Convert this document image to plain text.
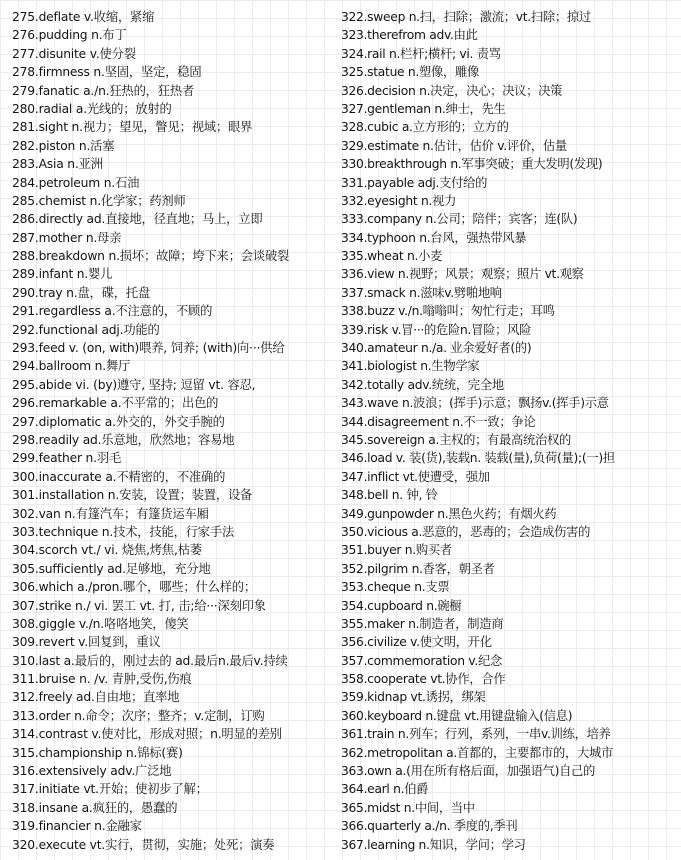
275.deflate v.收缩，紧缩
276.pudding n.布丁
277.disunite v.使分裂
278.firmness n.坚固，坚定，稳固
279.fanatic a./n.狂热的，狂热者
280.radial a.光线的；放射的
281.sight n.视力；望见，瞥见；视域；眼界
282.piston n.活塞
283.Asia n.亚洲
284.petroleum n.石油
285.chemist n.化学家；药剂师
286.directly ad.直接地，径直地；马上，立即
287.mother n.母亲
288.breakdown n.损坏；故障；垮下来；会谈破裂
289.infant n.婴儿
290.tray n.盘，碟，托盘
291.regardless a.不注意的，不顾的
292.functional adj.功能的
293.feed v. (on, with)喂养, 饲养; (with)向···供给
294.ballroom n.舞厅
295.abide vi. (by)遵守, 坚持; 逗留 vt. 容忍,
296.remarkable a.不平常的；出色的
297.diplomatic a.外交的，外交手腕的
298.readily ad.乐意地，欣然地；容易地
299.feather n.羽毛
300.inaccurate a.不精密的，不准确的
301.installation n.安装，设置；装置，设备
302.van n.有篷汽车；有篷货运车厢
303.technique n.技术，技能，行家手法
304.scorch vt./ vi. 烧焦,烤焦,枯萎
305.sufficiently ad.足够地，充分地
306.which a./pron.哪个，哪些；什么样的；
307.strike n./ vi. 罢工 vt. 打, 击;给···深刻印象
308.giggle v./n.咯咯地笑，傻笑
309.revert v.回复到，重议
310.last a.最后的，刚过去的 ad.最后n.最后v.持续
311.bruise n. /v. 青肿,受伤,伤痕
312.freely ad.自由地；直率地
313.order n.命令；次序；整齐；v.定制，订购
314.contrast v.使对比，形成对照；n.明显的差别
315.championship n.锦标(赛)
316.extensively adv.广泛地
317.initiate vt.开始；使初步了解；
318.insane a.疯狂的，愚蠢的
319.financier n.金融家
320.execute vt.实行，贯彻，实施；处死；演奏
322.sweep n.扫，扫除；激流；vt.扫除；掠过
323.therefrom adv.由此
324.rail n.栏杆;横杆; vi. 责骂
325.statue n.塑像，雕像
326.decision n.决定，决心；决议；决策
327.gentleman n.绅士，先生
328.cubic a.立方形的；立方的
329.estimate n.估计，估价 v.评价，估量
330.breakthrough n.军事突破；重大发明(发现)
331.payable adj.支付给的
332.eyesight n.视力
333.company n.公司；陪伴；宾客；连(队)
334.typhoon n.台风，强热带风暴
335.wheat n.小麦
336.view n.视野；风景；观察；照片 vt.观察
337.smack n.滋味v.劈啪地响
338.buzz v./n.嗡嗡叫；匆忙行走；耳鸣
339.risk v.冒···的危险n.冒险；风险
340.amateur n./a. 业余爱好者(的)
341.biologist n.生物学家
342.totally adv.统统，完全地
343.wave n.波浪；(挥手)示意；飘扬v.(挥手)示意
344.disagreement n.不一致；争论
345.sovereign a.主权的；有最高统治权的
346.load v. 装(货),装载n. 装载(量),负荷(量);(一)担
347.inflict vt.使遭受，强加
348.bell n. 钟, 铃
349.gunpowder n.黑色火药；有烟火药
350.vicious a.恶意的，恶毒的；会造成伤害的
351.buyer n.购买者
352.pilgrim n.香客，朝圣者
353.cheque n.支票
354.cupboard n.碗橱
355.maker n.制造者，制造商
356.civilize v.使文明，开化
357.commemoration v.纪念
358.cooperate vt.协作，合作
359.kidnap vt.诱拐，绑架
360.keyboard n.键盘 vt.用键盘输入(信息)
361.train n.列车；行列，系列，一串v.训练，培养
362.metropolitan a.首都的，主要都市的，大城市
363.own a.(用在所有格后面，加强语气)自己的
364.earl n.伯爵
365.midst n.中间，当中
366.quarterly a./n. 季度的,季刊
367.learning n.知识，学问；学习
